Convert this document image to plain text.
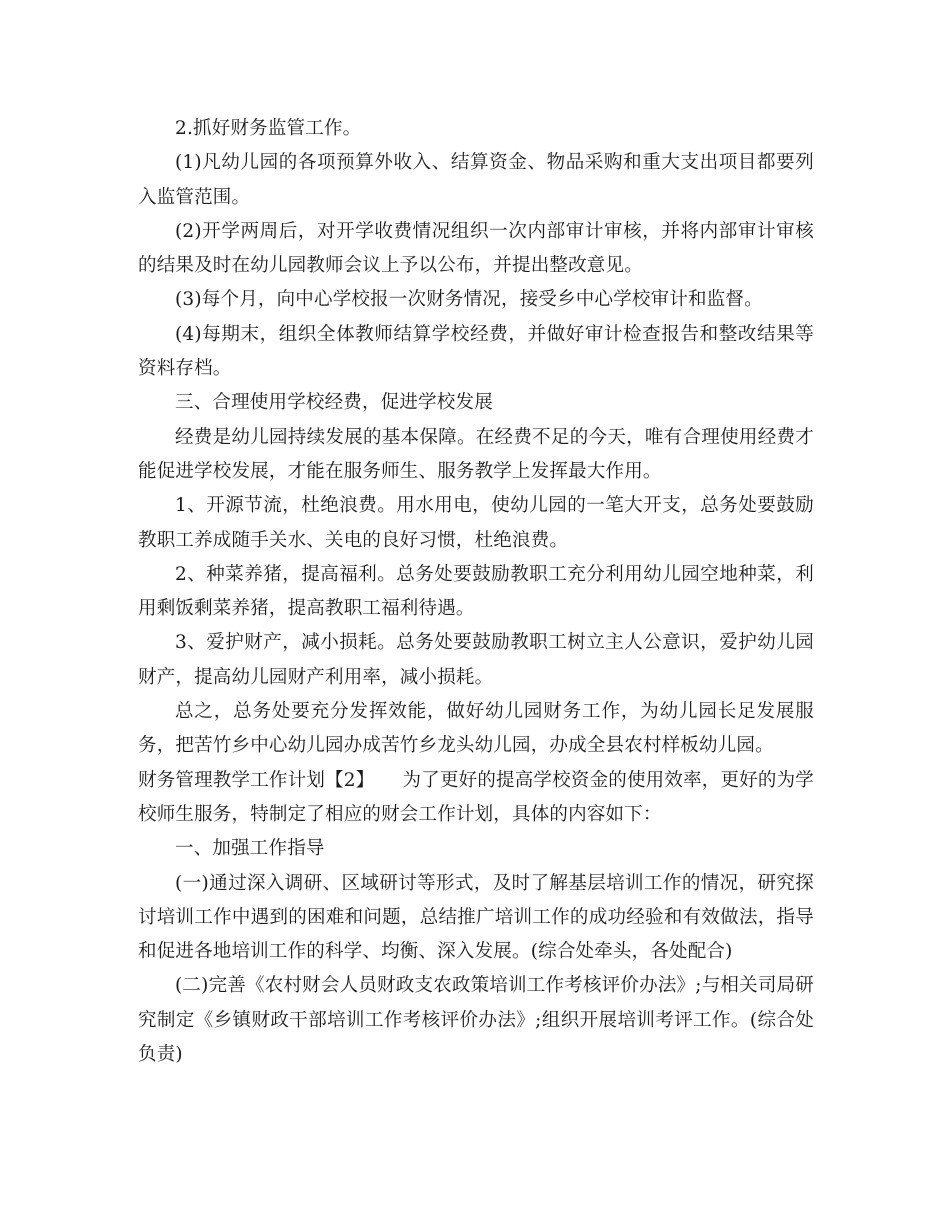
2.抓好财务监管工作。

(1)凡幼儿园的各项预算外收入、结算资金、物品采购和重大支出项目都要列入监管范围。

(2)开学两周后，对开学收费情况组织一次内部审计审核，并将内部审计审核的结果及时在幼儿园教师会议上予以公布，并提出整改意见。

(3)每个月，向中心学校报一次财务情况，接受乡中心学校审计和监督。

(4)每期末，组织全体教师结算学校经费，并做好审计检查报告和整改结果等资料存档。

三、合理使用学校经费，促进学校发展

经费是幼儿园持续发展的基本保障。在经费不足的今天，唯有合理使用经费才能促进学校发展，才能在服务师生、服务教学上发挥最大作用。

1、开源节流，杜绝浪费。用水用电，使幼儿园的一笔大开支，总务处要鼓励教职工养成随手关水、关电的良好习惯，杜绝浪费。

2、种菜养猪，提高福利。总务处要鼓励教职工充分利用幼儿园空地种菜，利用剩饭剩菜养猪，提高教职工福利待遇。

3、爱护财产，减小损耗。总务处要鼓励教职工树立主人公意识，爱护幼儿园财产，提高幼儿园财产利用率，减小损耗。

总之，总务处要充分发挥效能，做好幼儿园财务工作，为幼儿园长足发展服务，把苦竹乡中心幼儿园办成苦竹乡龙头幼儿园，办成全县农村样板幼儿园。

财务管理教学工作计划【2】　　为了更好的提高学校资金的使用效率，更好的为学校师生服务，特制定了相应的财会工作计划，具体的内容如下：

一、加强工作指导

(一)通过深入调研、区域研讨等形式，及时了解基层培训工作的情况，研究探讨培训工作中遇到的困难和问题，总结推广培训工作的成功经验和有效做法，指导和促进各地培训工作的科学、均衡、深入发展。(综合处牵头，各处配合)

(二)完善《农村财会人员财政支农政策培训工作考核评价办法》;与相关司局研究制定《乡镇财政干部培训工作考核评价办法》;组织开展培训考评工作。(综合处负责)
